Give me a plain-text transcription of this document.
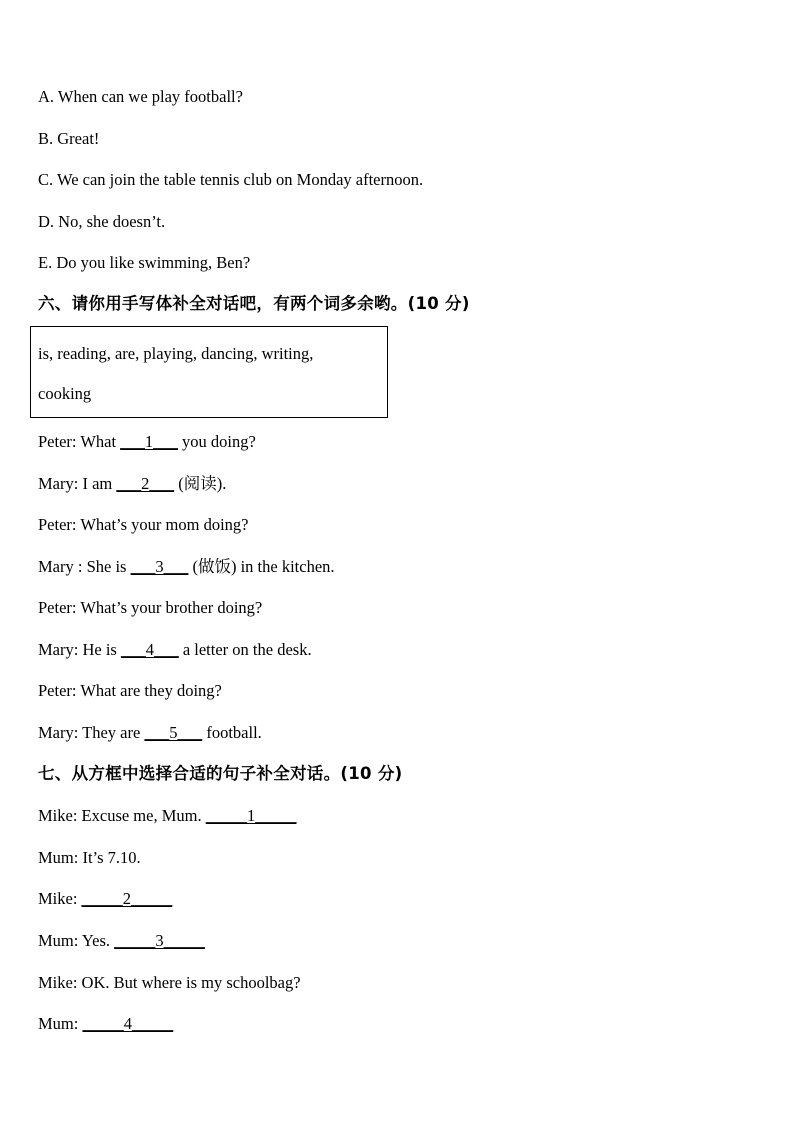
A. When can we play football?
B. Great!
C. We can join the table tennis club on Monday afternoon.
D. No, she doesn’t.
E. Do you like swimming, Ben?
六、请你用手写体补全对话吧，有两个词多余哟。(10 分)
is, reading, are, playing, dancing, writing,
cooking
Peter: What ___1___ you doing?
Mary: I am ___2___ (阅读).
Peter: What’s your mom doing?
Mary : She is ___3___ (做饭) in the kitchen.
Peter: What’s your brother doing?
Mary: He is ___4___ a letter on the desk.
Peter: What are they doing?
Mary: They are ___5___ football.
七、从方框中选择合适的句子补全对话。(10 分)
Mike: Excuse me, Mum. _____1_____
Mum: It’s 7.10.
Mike: _____2_____
Mum: Yes. _____3_____
Mike: OK. But where is my schoolbag?
Mum: _____4_____
